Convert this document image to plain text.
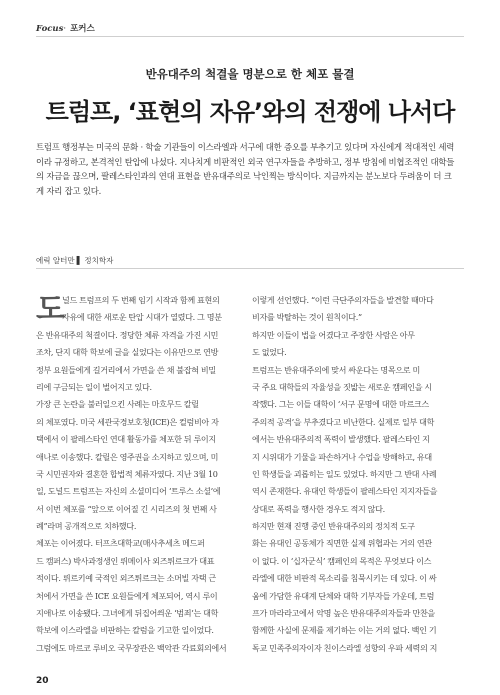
Focus· 포커스
반유대주의 척결을 명분으로 한 체포 물결
트럼프, ‘표현의 자유’와의 전쟁에 나서다
트럼프 행정부는 미국의 문화 · 학술 기관들이 이스라엘과 서구에 대한 증오를 부추기고 있다며 자신에게 적대적인 세력
이라 규정하고, 본격적인 탄압에 나섰다. 지나치게 비판적인 외국 연구자들을 추방하고, 정부 방침에 비협조적인 대학들
의 자금을 끊으며, 팔레스타인과의 연대 표현을 반유대주의로 낙인찍는 방식이다. 지금까지는 분노보다 두려움이 더 크
게 자리 잡고 있다.
에릭 알터만 ▌ 정치학자
도
널드 트럼프의 두 번째 임기 시작과 함께 표현의
자유에 대한 새로운 탄압 시대가 열렸다. 그 명분
은 반유대주의 척결이다. 정당한 체류 자격을 가진 시민
조차, 단지 대학 학보에 글을 실었다는 이유만으로 연방
정부 요원들에게 길거리에서 가면을 쓴 채 불잡혀 비밀
리에 구금되는 일이 벌어지고 있다.
가장 큰 논란을 불러일으킨 사례는 마흐무드 칼릴
의 체포였다. 미국 세관국경보호청(ICE)은 컬럼비아 자
택에서 이 팔레스타인 연대 활동가를 체포한 뒤 루이지
애나로 이송했다. 칼릴은 영주권을 소지하고 있으며, 미
국 시민권자와 결혼한 합법적 체류자였다. 지난 3월 10
일, 도널드 트럼프는 자신의 소셜미디어 ‘트루스 소셜’에
서 이번 체포를 “앞으로 이어질 긴 시리즈의 첫 번째 사
례”라며 공개적으로 치하했다.
체포는 이어졌다. 터프츠대학교(매사추세츠 메드퍼
드 캠퍼스) 박사과정생인 뤼메이사 외즈튀르크가 대표
적이다. 뤼르키예 국적인 외즈튀르크는 소머빌 자택 근
처에서 가면을 쓴 ICE 요원들에게 체포되어, 역시 루이
지애나로 이송됐다. 그녀에게 뒤집어씌운 ‘범죄’는 대학
학보에 이스라엘을 비판하는 칼럼을 기고한 일이었다.
그럼에도 마르코 루비오 국무장관은 백악관 각료회의에서
이렇게 선언했다. “이런 극단주의자들을 발견할 때마다
비자를 박탈하는 것이 원칙이다.”
하지만 이들이 법을 어겼다고 주장한 사람은 아무
도 없었다.
트럼프는 반유대주의에 맞서 싸운다는 명목으로 미
국 주요 대학들의 자율성을 짓밟는 새로운 캠페인을 시
작했다. 그는 이들 대학이 ‘서구 문명에 대한 마르크스
주의적 공격’을 부추겼다고 비난한다. 실제로 일부 대학
에서는 반유대주의적 폭력이 발생했다. 팔레스타인 지
지 시위대가 기물을 파손하거나 수업을 방해하고, 유대
인 학생들을 괴롭히는 일도 있었다. 하지만 그 반대 사례
역시 존재한다. 유대인 학생들이 팔레스타인 지지자들을
상대로 폭력을 행사한 경우도 적지 않다.
하지만 현재 진행 중인 반유대주의의 정치적 도구
화는 유대인 공동체가 직면한 실제 위협과는 거의 연관
이 없다. 이 ‘십자군식’ 캠페인의 목적은 무엇보다 이스
라엘에 대한 비판적 목소리를 침묵시키는 데 있다. 이 싸
움에 가담한 유대계 단체와 대학 기부자들 가운데, 트럼
프가 마라라고에서 악명 높은 반유대주의자들과 만찬을
함께한 사실에 문제를 제기하는 이는 거의 없다. 백인 기
독교 민족주의자이자 친이스라엘 성향의 우파 세력의 지
20
